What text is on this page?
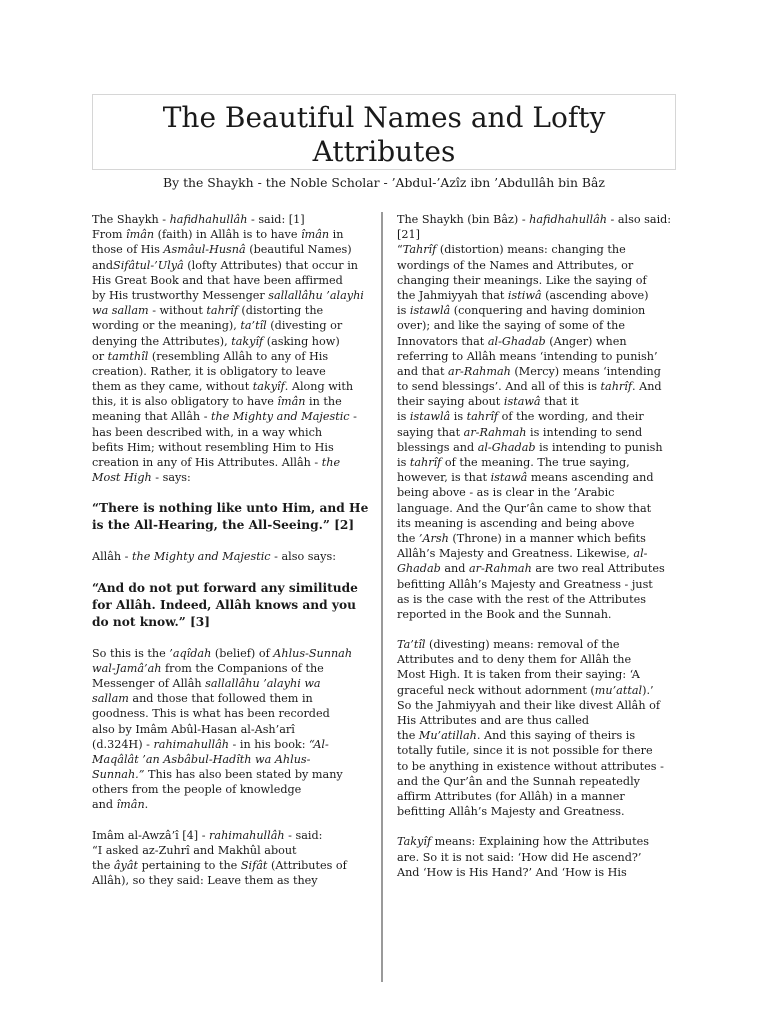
The Beautiful Names and Lofty
Attributes
By the Shaykh - the Noble Scholar - ’Abdul-’Azîz ibn ’Abdullâh bin Bâz
The Shaykh - hafidhahullâh - said: [1]
From îmân (faith) in Allâh is to have îmân in
those of His Asmâul-Husnâ (beautiful Names)
andSifâtul-’Ulyâ (lofty Attributes) that occur in
His Great Book and that have been affirmed
by His trustworthy Messenger sallallâhu ’alayhi
wa sallam - without tahrîf (distorting the
wording or the meaning), ta’tîl (divesting or
denying the Attributes), takyîf (asking how)
or tamthîl (resembling Allâh to any of His
creation). Rather, it is obligatory to leave
them as they came, without takyîf. Along with
this, it is also obligatory to have îmân in the
meaning that Allâh - the Mighty and Majestic -
has been described with, in a way which
befits Him; without resembling Him to His
creation in any of His Attributes. Allâh - the
Most High - says:
“There is nothing like unto Him, and He
is the All-Hearing, the All-Seeing.” [2]
Allâh - the Mighty and Majestic - also says:
“And do not put forward any similitude
for Allâh. Indeed, Allâh knows and you
do not know.” [3]
So this is the ’aqîdah (belief) of Ahlus-Sunnah
wal-Jamâ’ah from the Companions of the
Messenger of Allâh sallallâhu ’alayhi wa
sallam and those that followed them in
goodness. This is what has been recorded
also by Imâm Abûl-Hasan al-Ash’arî
(d.324H) - rahimahullâh - in his book: “Al-
Maqâlât ’an Asbâbul-Hadîth wa Ahlus-
Sunnah.” This has also been stated by many
others from the people of knowledge
and îmân.
Imâm al-Awzâ’î [4] - rahimahullâh - said:
“I asked az-Zuhrî and Makhûl about
the âyât pertaining to the Sifât (Attributes of
Allâh), so they said: Leave them as they
The Shaykh (bin Bâz) - hafidhahullâh - also said:
[21]
“Tahrîf (distortion) means: changing the
wordings of the Names and Attributes, or
changing their meanings. Like the saying of
the Jahmiyyah that istiwâ (ascending above)
is istawlâ (conquering and having dominion
over); and like the saying of some of the
Innovators that al-Ghadab (Anger) when
referring to Allâh means ‘intending to punish’
and that ar-Rahmah (Mercy) means ‘intending
to send blessings’. And all of this is tahrîf. And
their saying about istawâ that it
is istawlâ is tahrîf of the wording, and their
saying that ar-Rahmah is intending to send
blessings and al-Ghadab is intending to punish
is tahrîf of the meaning. The true saying,
however, is that istawâ means ascending and
being above - as is clear in the ’Arabic
language. And the Qur’ân came to show that
its meaning is ascending and being above
the ’Arsh (Throne) in a manner which befits
Allâh’s Majesty and Greatness. Likewise, al-
Ghadab and ar-Rahmah are two real Attributes
befitting Allâh’s Majesty and Greatness - just
as is the case with the rest of the Attributes
reported in the Book and the Sunnah.
Ta’tîl (divesting) means: removal of the
Attributes and to deny them for Allâh the
Most High. It is taken from their saying: ‘A
graceful neck without adornment (mu’attal).’
So the Jahmiyyah and their like divest Allâh of
His Attributes and are thus called
the Mu’atillah. And this saying of theirs is
totally futile, since it is not possible for there
to be anything in existence without attributes -
and the Qur’ân and the Sunnah repeatedly
affirm Attributes (for Allâh) in a manner
befitting Allâh’s Majesty and Greatness.
Takyîf means: Explaining how the Attributes
are. So it is not said: ‘How did He ascend?’
And ‘How is His Hand?’ And ‘How is His
